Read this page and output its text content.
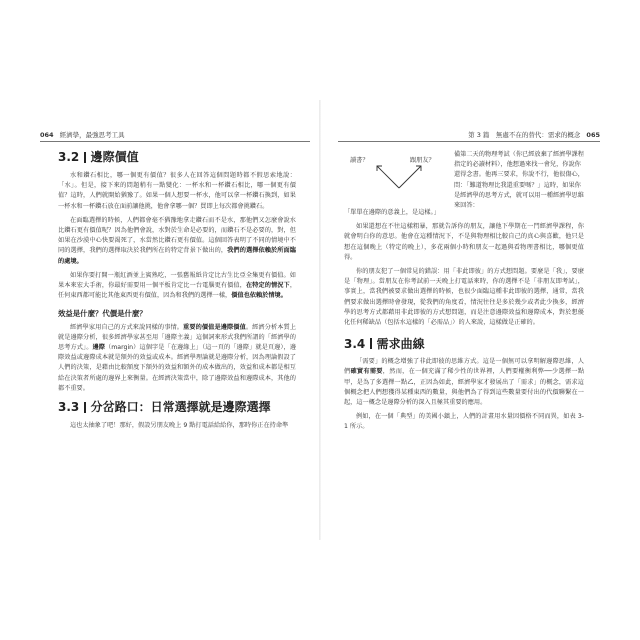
064 經濟學，最強思考工具	第 3 篇　無處不在的替代：需求的概念 065
3.2 邊際價值

水和鑽石相比，哪一個更有價值？很多人在回答這個問題時都不假思索地說：「水」。但是，接下來的問題稍有一點變化：一杯水和一杯鑽石相比，哪一個更有價值？這時，人們就開始猶豫了。如果一個人想要一杯水，他可以拿一杯鑽石換到，如果一杯水和一杯鑽石放在面前讓他挑，他會拿哪一個？買即上每次都會挑鑽石。

在面臨選擇的時候，人們都會毫不猶豫地拿走鑽石而不是水，那他們又怎麼會說水比鑽石更有價值呢？因為他們會說，水對於生命是必要的，而鑽石不是必要的，對，但如果在沙漠中心快要渴死了，水當然比鑽石更有價值。這個回答表明了不同的情境中不同的選擇，我們的選擇取決於我們所在的特定背景下做出的，我們的選擇依賴於所面臨的處境。

如果你要打開一瓶紅酒並上賓熟吃，一張舊報紙肯定比古生比亞全集更有價值。如果本來宏大手術，你最好需要用一個平板肯定比一台電腦更有價值，在特定的情況下，任何東西都可能比其他東西更有價值，因為和我們的選擇一樣，價值也依賴於情境。

效益是什麼？代價是什麼？

經濟學家用自己的方式來說同樣的事情。重要的價值是邊際價值。經濟分析本質上就是邊際分析，很多經濟學家甚至用「邊際主義」這個詞來形式我們所謂的「經濟學的思考方式」。邊際（margin）這個字是「在邊緣上」（這一頁的「邊際」就是頁邊），邊際效益或邊際成本就是額外的效益或成本。經濟學理論就是邊際分析，因為理論假設了人們的決策，是藉由比較額度下額外的效益和額外的成本做出的，效益和成本都是相互給在決策者所處的邊界上來衡量。在經濟決策當中，除了邊際效益和邊際成本，其他的都不重要。

3.3 分岔路口：日常選擇就是邊際選擇

這也太抽象了吧！那好，假設另朋友晚上 9 點打電話給給你，那時你正在持命準

讀書？	跟朋友？
備第二天的物理考試（你已經放棄了經濟學課程指定的必讀材料），他想過來找一會兒，你說你還得念書。他再三要求，你說不行，他很傷心，問：「難道物理比我還重要嗎？」這時，如果你是經濟學的思考方式，就可以用一種經濟學思維來回答：

「單單在邊際的意義上，是這樣。」

如果還想在不往這樣粗暴，那就告訴你的朋友，讓他下學期在一門經濟學課程，你就會明白你的意思。他會在這種情況下，不是與物理相比較自己的真心與喜歡，他只是想在這個晚上（特定的晚上），多花兩個小時和朋友一起過與看物理書相比，哪個更值得。

你的朋友犯了一個常見的錯誤：用「非此即彼」的方式想問題。要麼是「我」，要麼是「物理」。當朋友在你考試前一天晚上打電話來時，你的選擇不是「非朋友即考試」，事實上，當我們被要求做出選擇的時候，也很少面臨這種非此即彼的選擇，通常，當我們要求做出選擇時會發現，從我們的角度看，情況往往是多於幾少或者此少換多，經濟學的思考方式都藉用非此即彼的方式想問題，而是注意邊際效益和邊際成本，對於想優化任何稀缺品（包括水這樣的「必需品」）的人來說，這樣做是正確的。

3.4 需求曲線

「需要」的概念增強了非此即彼的思維方式。這是一個無可以拿明解邊際思維，人們確實有需要，然而，在一個充滿了稀少性的世界裡，人們要權衡利弊──少選擇一點甲，是為了多選擇一點乙，正因為如此，經濟學家才發展出了「需求」的概念，需求這個概念把人們想獲得某種東西的數量，與他們為了得到這些數量要付出的代價聯繫在一起，這一概念是邊際分析的深入且極其重要的應用。

例如，在一個「典型」的美國小鎮上，人們的計畫用水量因價格不同而異，如表 3-1 所示。
